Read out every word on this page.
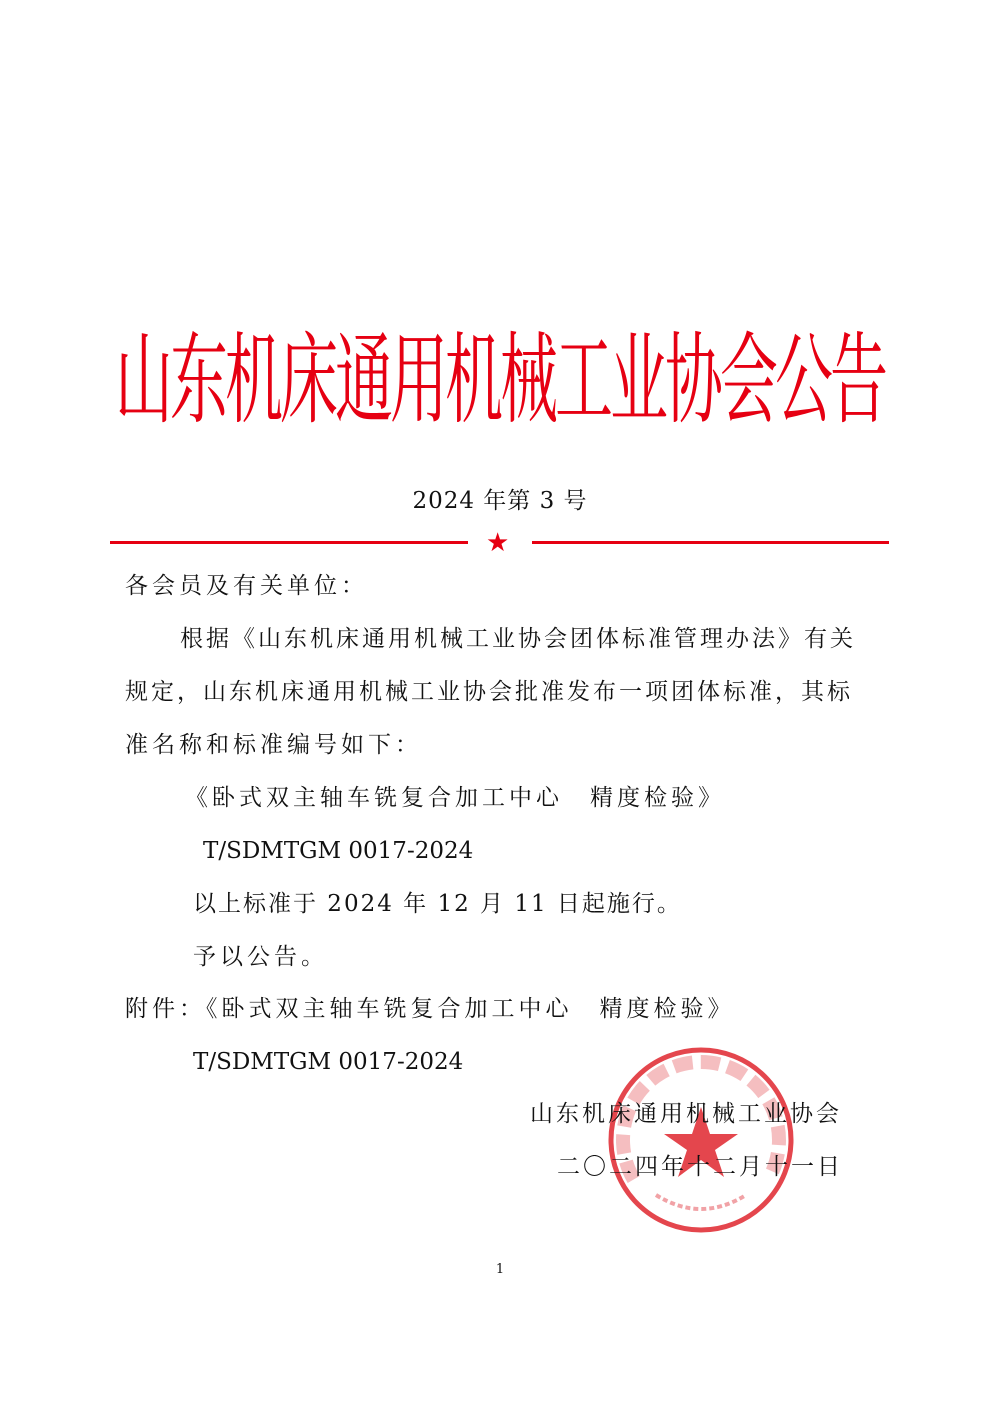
山东机床通用机械工业协会公告
2024 年第 3 号
★
各会员及有关单位：
根据《山东机床通用机械工业协会团体标准管理办法》有关
规定，山东机床通用机械工业协会批准发布一项团体标准，其标
准名称和标准编号如下：
《卧式双主轴车铣复合加工中心　精度检验》
T/SDMTGM 0017-2024
以上标准于 2024 年 12 月 11 日起施行。
予以公告。
附件：《卧式双主轴车铣复合加工中心　精度检验》
T/SDMTGM 0017-2024
山东机床通用机械工业协会
二〇二四年十二月十一日
1
